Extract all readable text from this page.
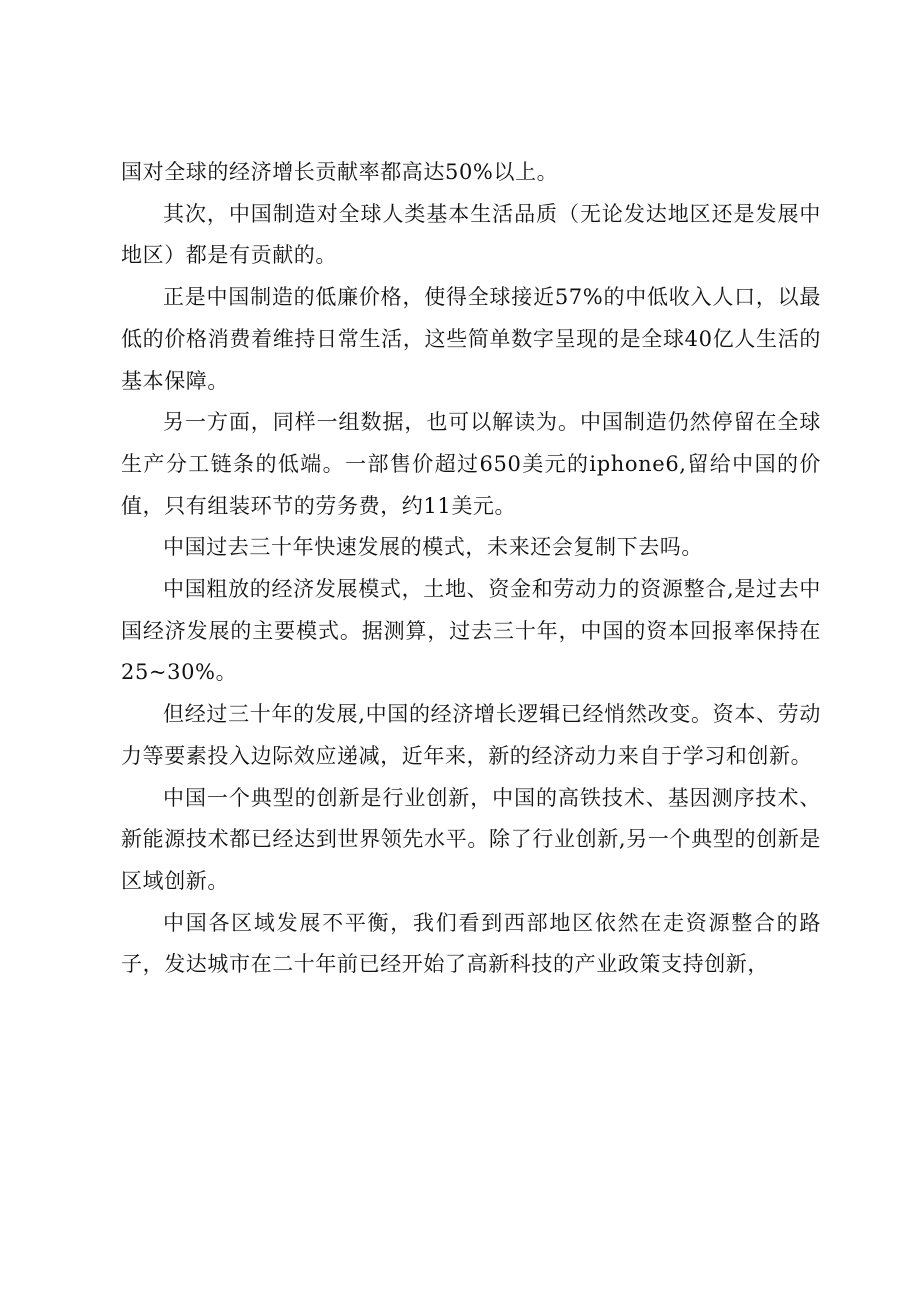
国对全球的经济增长贡献率都高达50%以上。

其次，中国制造对全球人类基本生活品质（无论发达地区还是发展中地区）都是有贡献的。

正是中国制造的低廉价格，使得全球接近57%的中低收入人口，以最低的价格消费着维持日常生活，这些简单数字呈现的是全球40亿人生活的基本保障。

另一方面，同样一组数据，也可以解读为。中国制造仍然停留在全球生产分工链条的低端。一部售价超过650美元的iphone6,留给中国的价值，只有组装环节的劳务费，约11美元。

中国过去三十年快速发展的模式，未来还会复制下去吗。

中国粗放的经济发展模式，土地、资金和劳动力的资源整合,是过去中国经济发展的主要模式。据测算，过去三十年，中国的资本回报率保持在25~30%。

但经过三十年的发展,中国的经济增长逻辑已经悄然改变。资本、劳动力等要素投入边际效应递减，近年来，新的经济动力来自于学习和创新。

中国一个典型的创新是行业创新，中国的高铁技术、基因测序技术、新能源技术都已经达到世界领先水平。除了行业创新,另一个典型的创新是区域创新。

中国各区域发展不平衡，我们看到西部地区依然在走资源整合的路子，发达城市在二十年前已经开始了高新科技的产业政策支持创新，
